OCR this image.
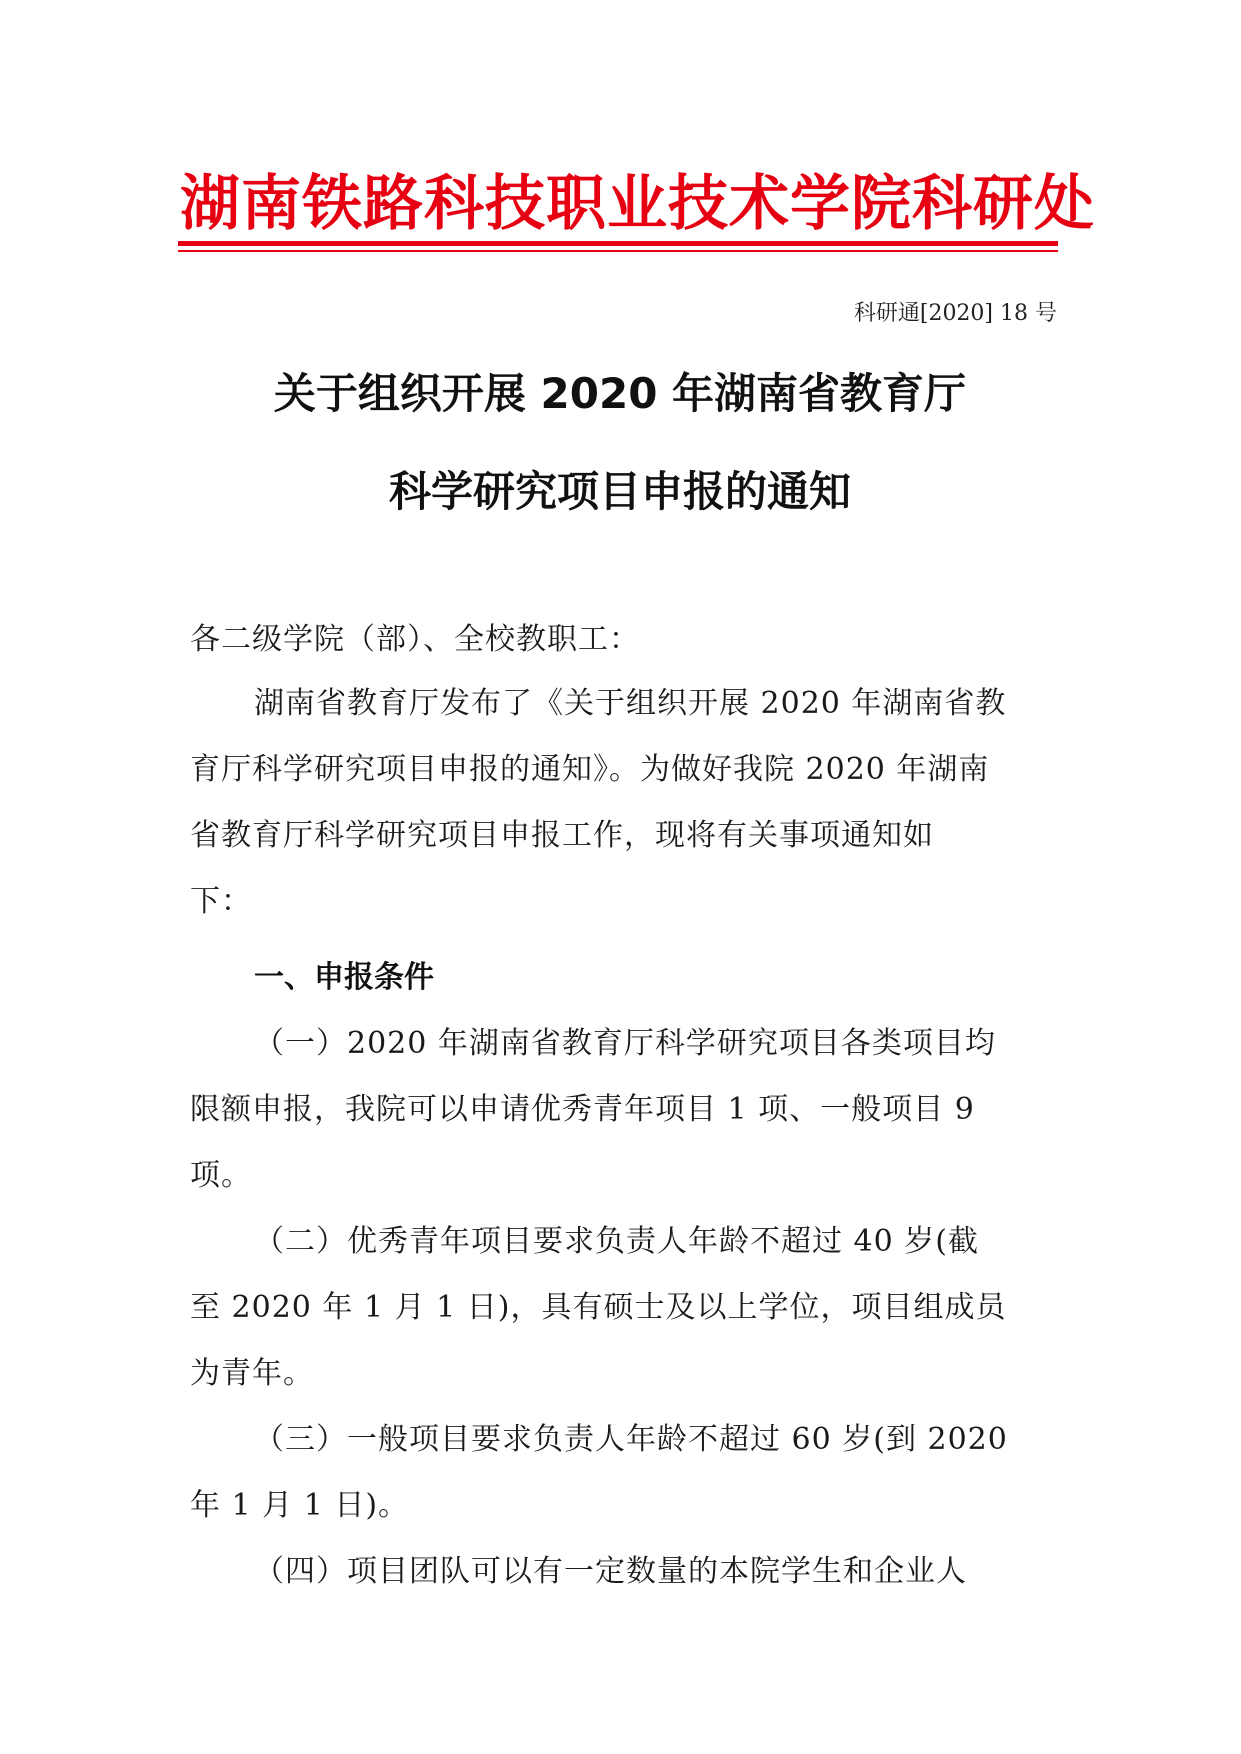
湖南铁路科技职业技术学院科研处
科研通[2020] 18 号
关于组织开展 2020 年湖南省教育厅
科学研究项目申报的通知
各二级学院（部）、全校教职工：
湖南省教育厅发布了《关于组织开展 2020 年湖南省教
育厅科学研究项目申报的通知》。为做好我院 2020 年湖南
省教育厅科学研究项目申报工作，现将有关事项通知如
下：
一、申报条件
（一）2020 年湖南省教育厅科学研究项目各类项目均
限额申报，我院可以申请优秀青年项目 1 项、一般项目 9
项。
（二）优秀青年项目要求负责人年龄不超过 40 岁(截
至 2020 年 1 月 1 日)，具有硕士及以上学位，项目组成员
为青年。
（三）一般项目要求负责人年龄不超过 60 岁(到 2020
年 1 月 1 日)。
（四）项目团队可以有一定数量的本院学生和企业人
